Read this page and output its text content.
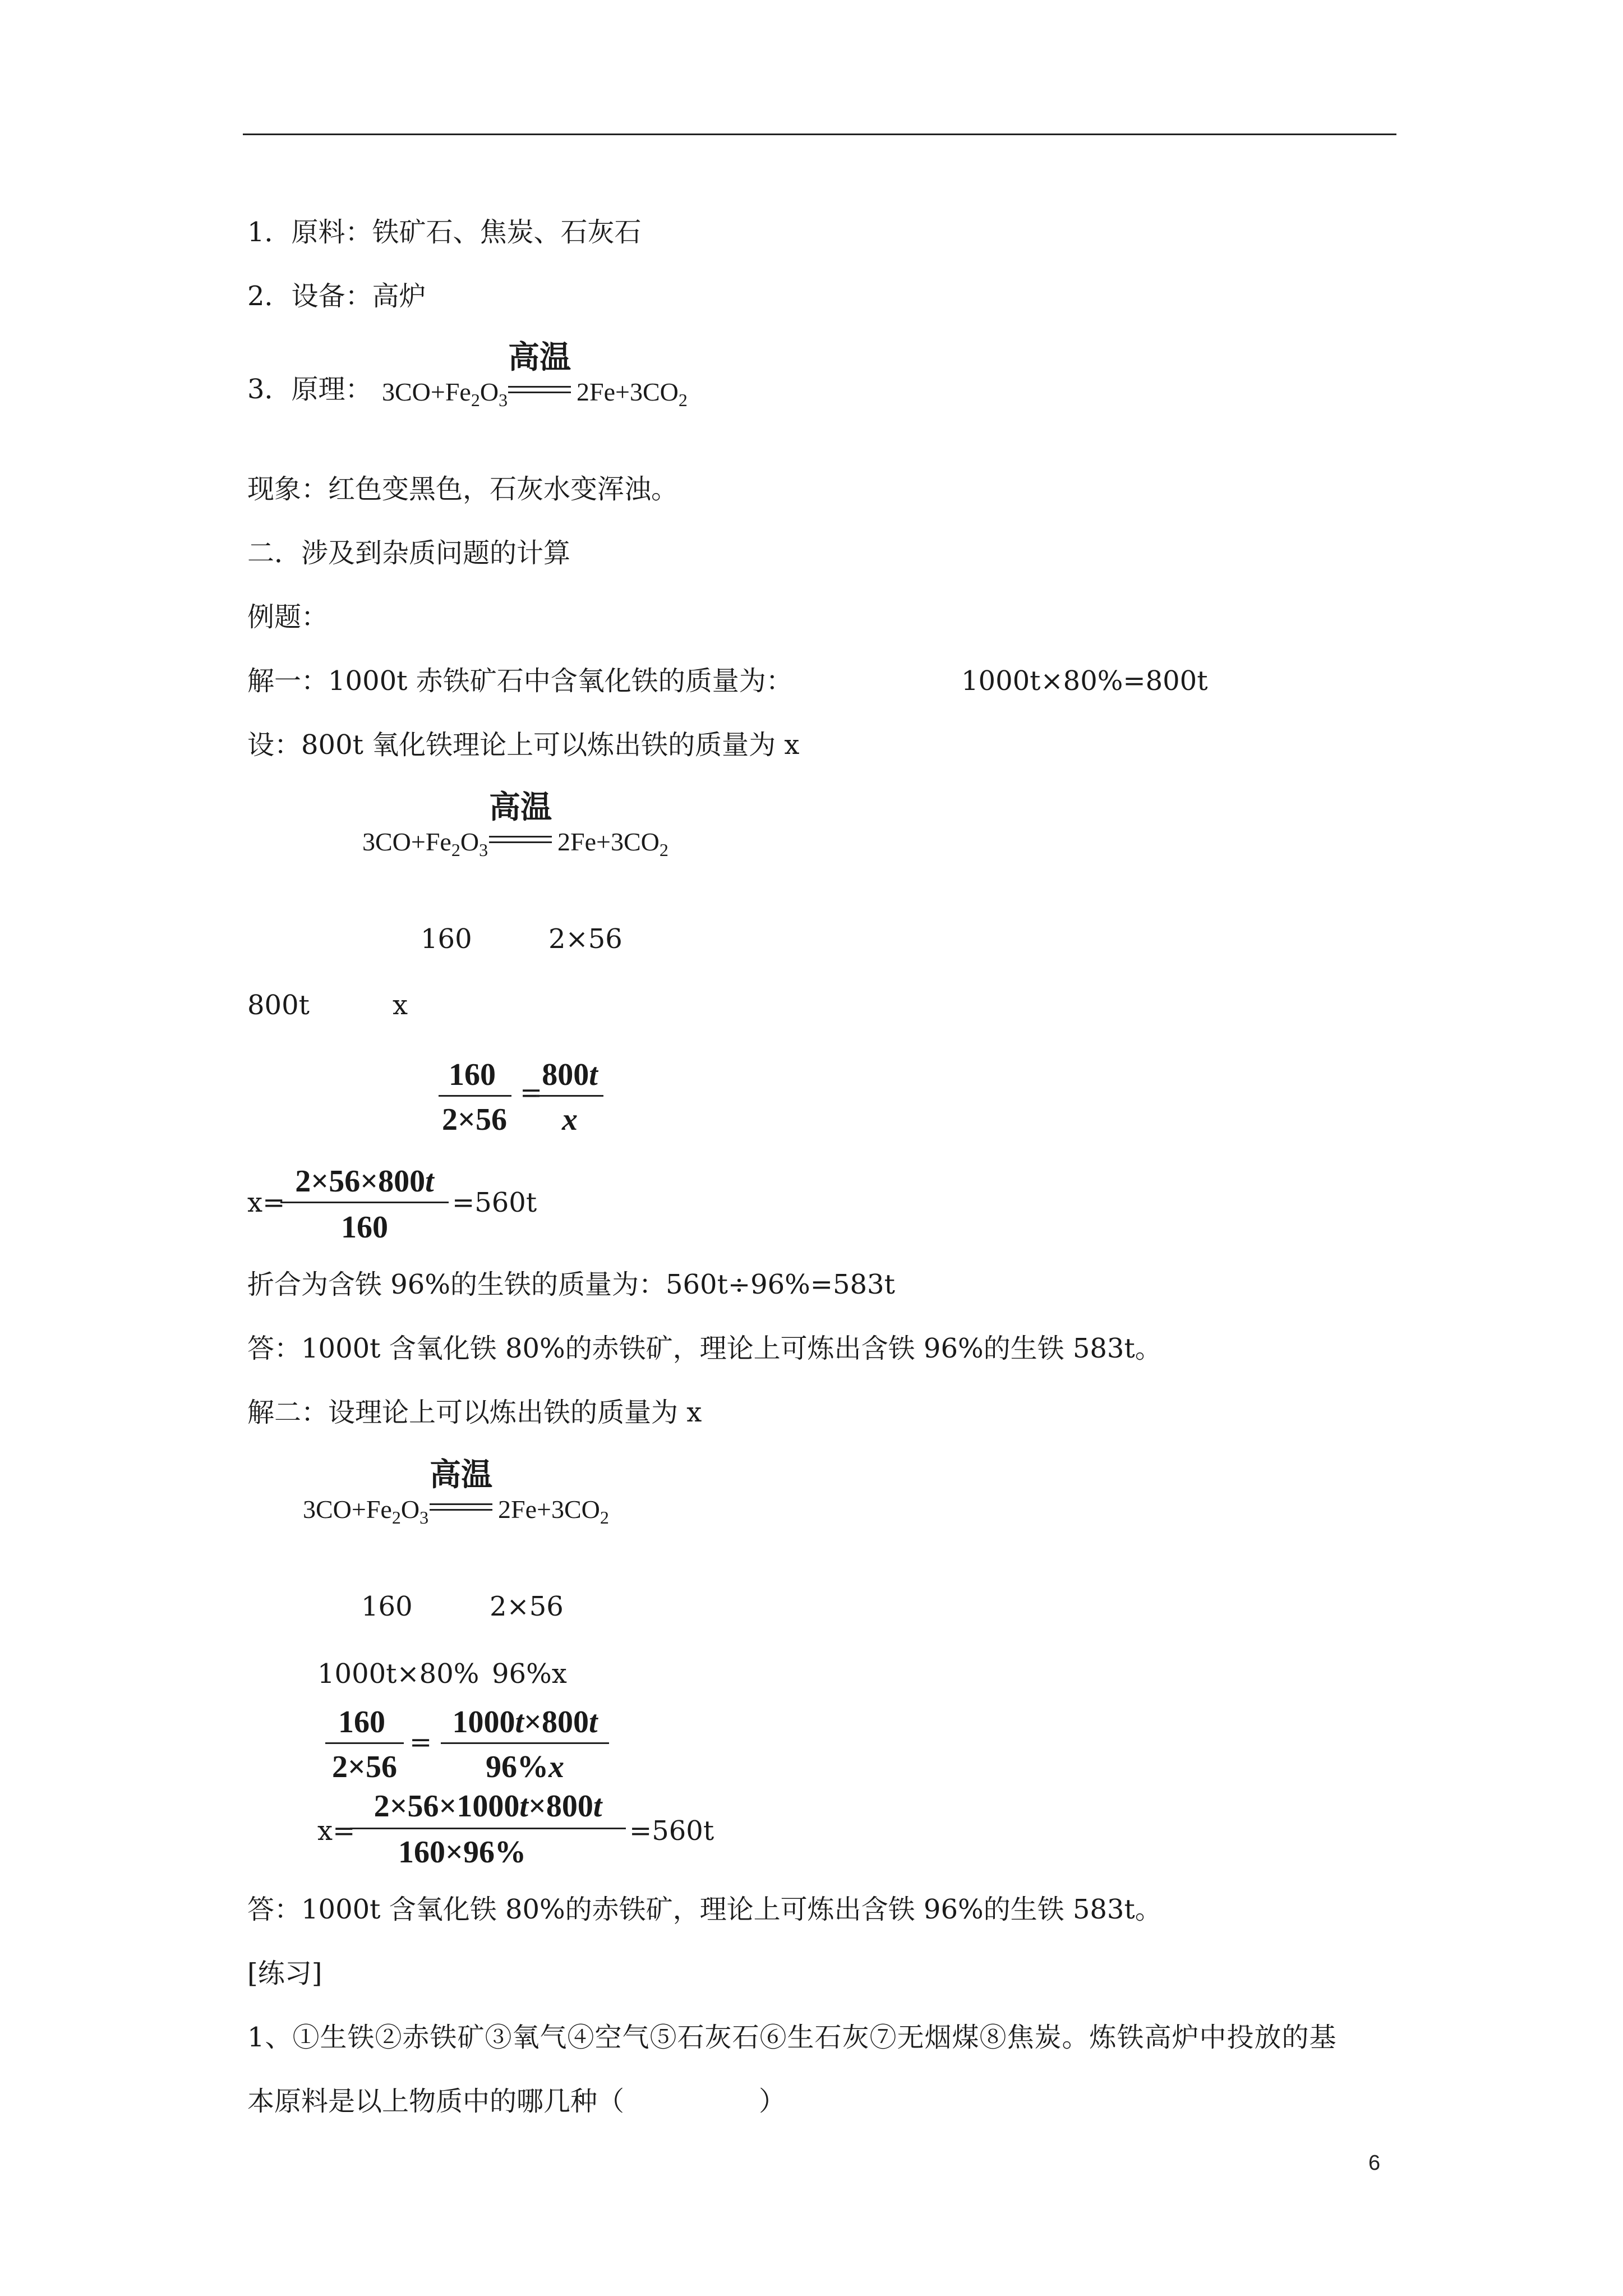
1．原料：铁矿石、焦炭、石灰石
2．设备：高炉
3．原理： $3CO+Fe_2O_3$
高温
$2Fe+3CO_2$
现象：红色变黑色，石灰水变浑浊。
二．涉及到杂质问题的计算
例题：
解一：1000t 赤铁矿石中含氧化铁的质量为：	1000t×80%=800t
设：800t 氧化铁理论上可以炼出铁的质量为 x
$3CO+Fe_2O_3$
高温
$2Fe+3CO_2$
160	2×56
800t	x
160
2×56
=
800t
x
x=
2×56×800t
160
=560t
折合为含铁 96%的生铁的质量为：560t÷96%=583t
答：1000t 含氧化铁 80%的赤铁矿，理论上可炼出含铁 96%的生铁 583t。
解二：设理论上可以炼出铁的质量为 x
$3CO+Fe_2O_3$
高温
$2Fe+3CO_2$
160	2×56
1000t×80% 96%x
160
2×56
=
1000t×800t
96%x
x=
2×56×1000t×800t
160×96%
=560t
答：1000t 含氧化铁 80%的赤铁矿，理论上可炼出含铁 96%的生铁 583t。
[练习]
1、①生铁②赤铁矿③氧气④空气⑤石灰石⑥生石灰⑦无烟煤⑧焦炭。炼铁高炉中投放的基
本原料是以上物质中的哪几种（　　　　　）
6
